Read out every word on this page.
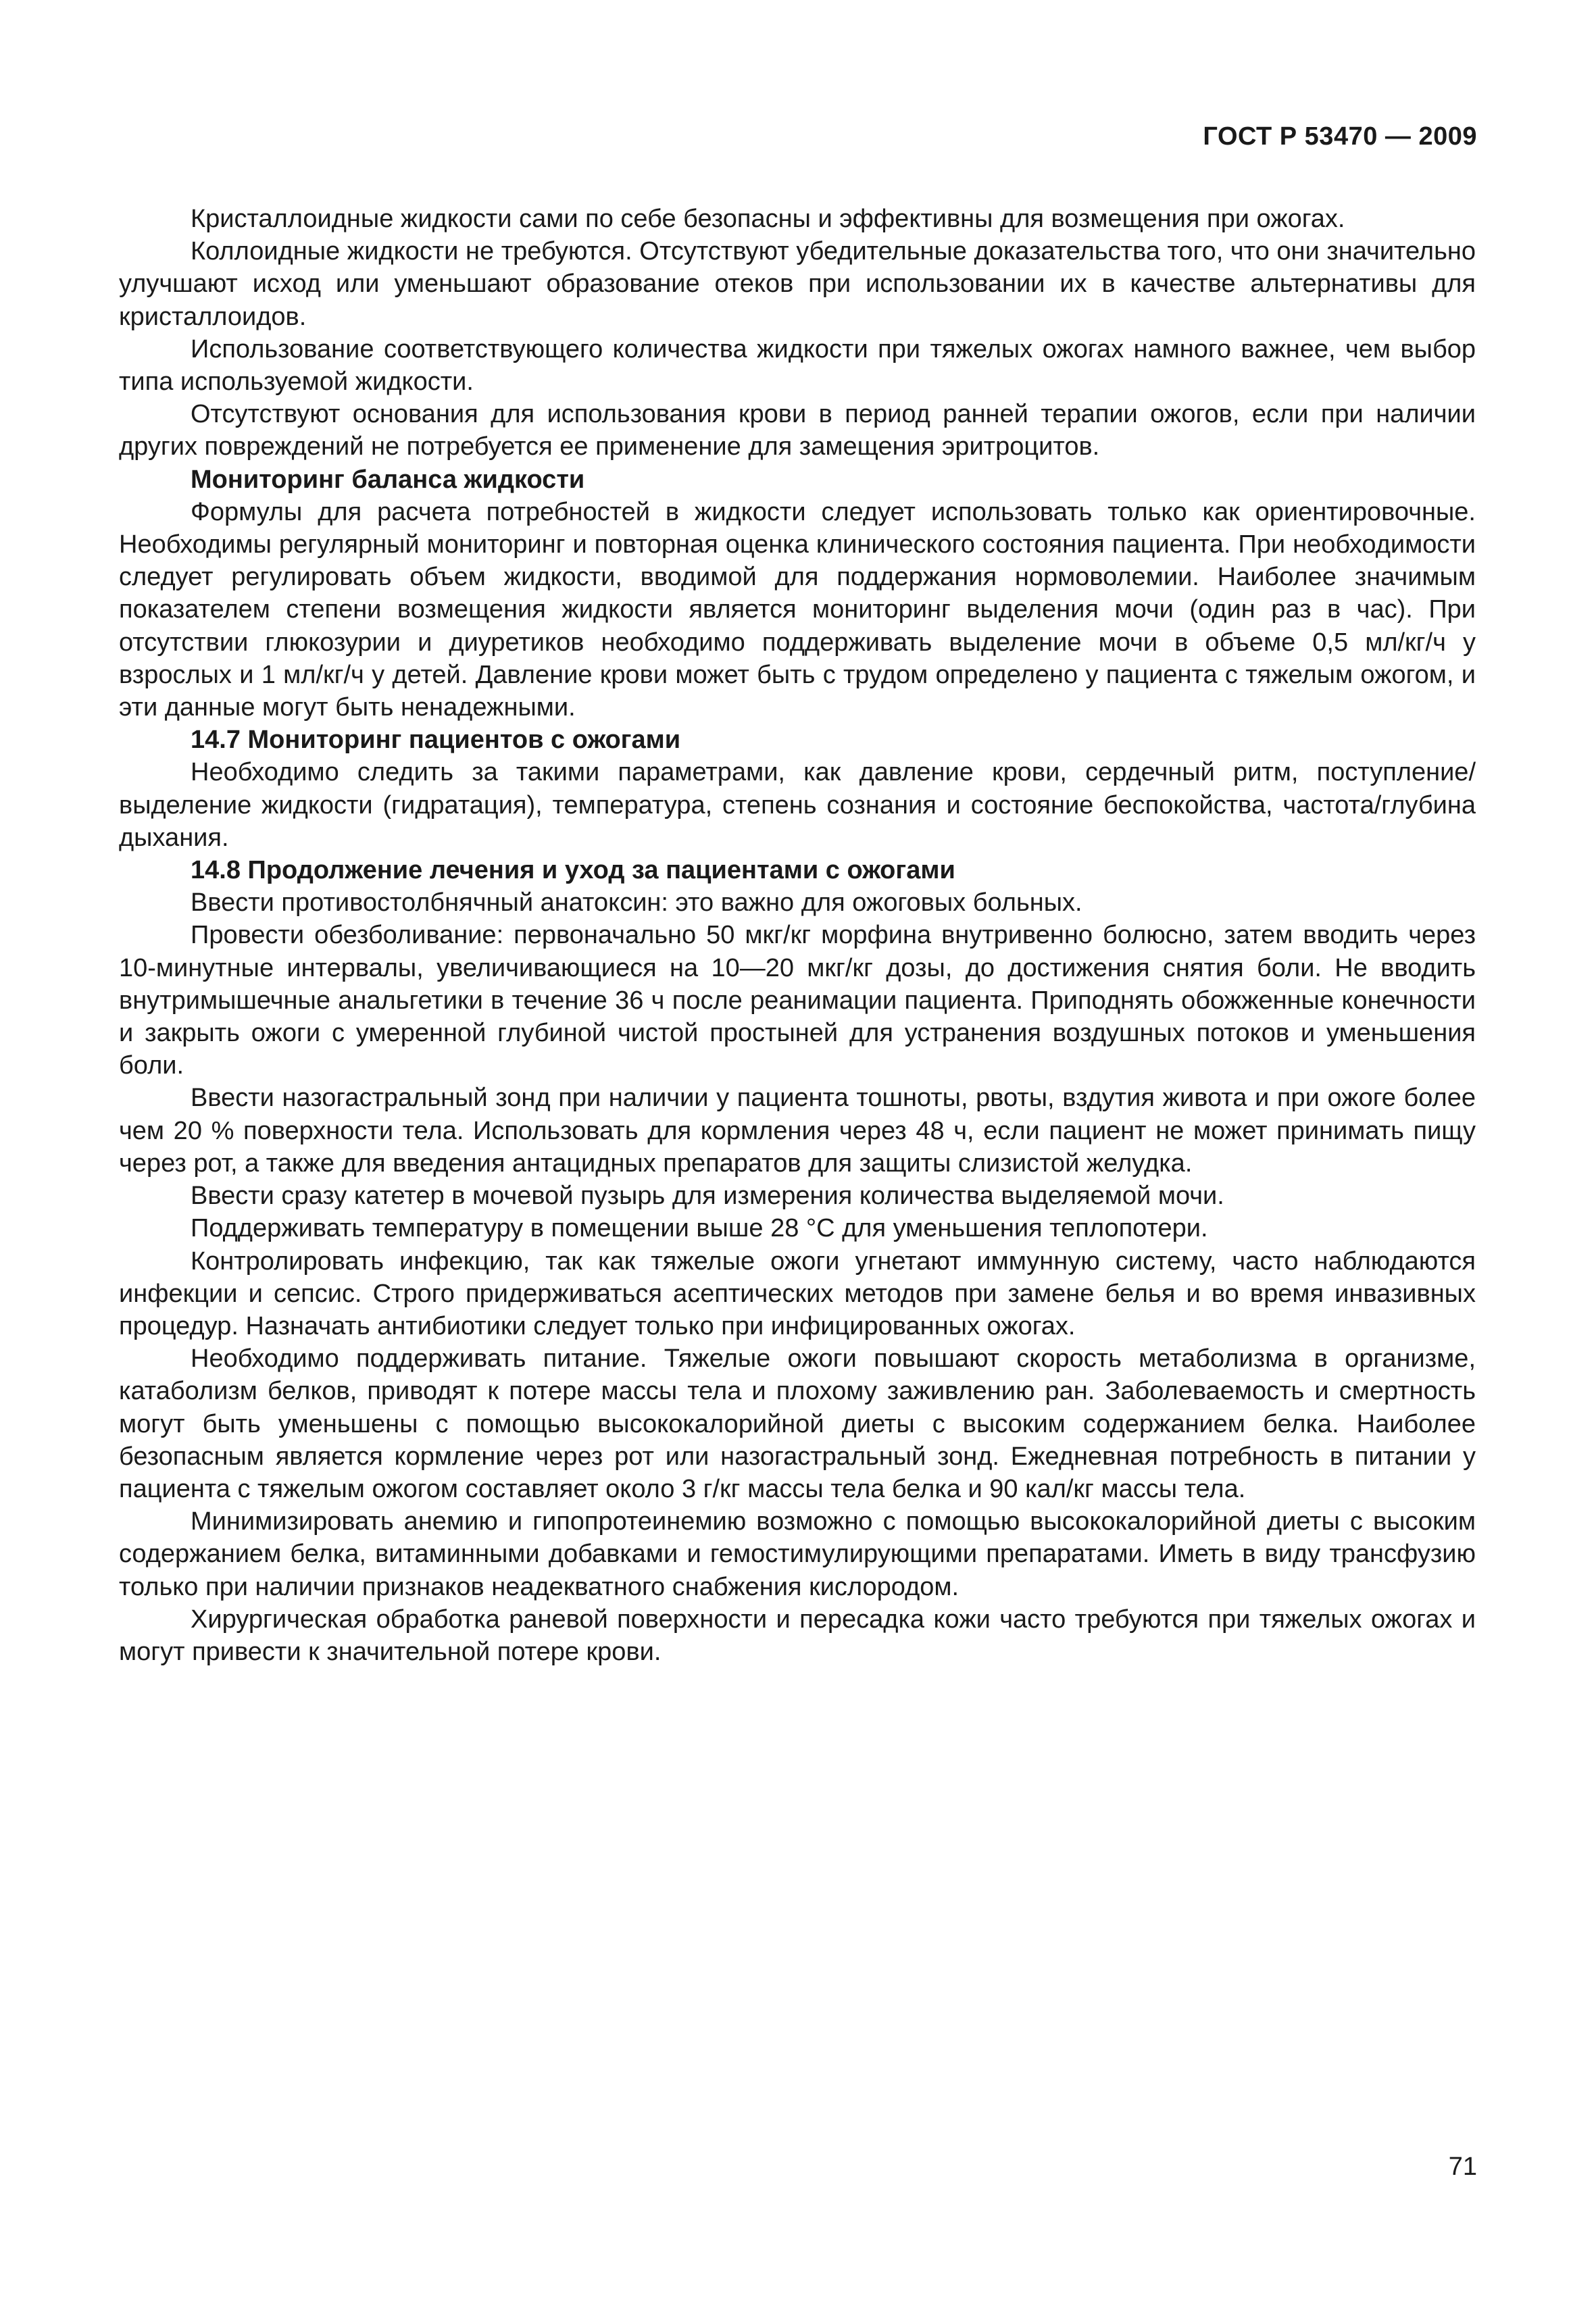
ГОСТ Р 53470 — 2009

Кристаллоидные жидкости сами по себе безопасны и эффективны для возмещения при ожогах.

Коллоидные жидкости не требуются. Отсутствуют убедительные доказательства того, что они значительно улучшают исход или уменьшают образование отеков при использовании их в качестве альтернативы для кристаллоидов.

Использование соответствующего количества жидкости при тяжелых ожогах намного важнее, чем выбор типа используемой жидкости.

Отсутствуют основания для использования крови в период ранней терапии ожогов, если при наличии других повреждений не потребуется ее применение для замещения эритроцитов.

Мониторинг баланса жидкости

Формулы для расчета потребностей в жидкости следует использовать только как ориентировочные. Необходимы регулярный мониторинг и повторная оценка клинического состояния пациента. При необходимости следует регулировать объем жидкости, вводимой для поддержания нормоволемии. Наиболее значимым показателем степени возмещения жидкости является мониторинг выделения мочи (один раз в час). При отсутствии глюкозурии и диуретиков необходимо поддерживать выделение мочи в объеме 0,5 мл/кг/ч у взрослых и 1 мл/кг/ч у детей. Давление крови может быть с трудом определено у пациента с тяжелым ожогом, и эти данные могут быть ненадежными.

14.7 Мониторинг пациентов с ожогами

Необходимо следить за такими параметрами, как давление крови, сердечный ритм, поступление/выделение жидкости (гидратация), температура, степень сознания и состояние беспокойства, частота/глубина дыхания.

14.8 Продолжение лечения и уход за пациентами с ожогами

Ввести противостолбнячный анатоксин: это важно для ожоговых больных.

Провести обезболивание: первоначально 50 мкг/кг морфина внутривенно болюсно, затем вводить через 10-минутные интервалы, увеличивающиеся на 10—20 мкг/кг дозы, до достижения снятия боли. Не вводить внутримышечные анальгетики в течение 36 ч после реанимации пациента. Приподнять обожженные конечности и закрыть ожоги с умеренной глубиной чистой простыней для устранения воздушных потоков и уменьшения боли.

Ввести назогастральный зонд при наличии у пациента тошноты, рвоты, вздутия живота и при ожоге более чем 20 % поверхности тела. Использовать для кормления через 48 ч, если пациент не может принимать пищу через рот, а также для введения антацидных препаратов для защиты слизистой желудка.

Ввести сразу катетер в мочевой пузырь для измерения количества выделяемой мочи.

Поддерживать температуру в помещении выше 28 °C для уменьшения теплопотери.

Контролировать инфекцию, так как тяжелые ожоги угнетают иммунную систему, часто наблюдаются инфекции и сепсис. Строго придерживаться асептических методов при замене белья и во время инвазивных процедур. Назначать антибиотики следует только при инфицированных ожогах.

Необходимо поддерживать питание. Тяжелые ожоги повышают скорость метаболизма в организме, катаболизм белков, приводят к потере массы тела и плохому заживлению ран. Заболеваемость и смертность могут быть уменьшены с помощью высококалорийной диеты с высоким содержанием белка. Наиболее безопасным является кормление через рот или назогастральный зонд. Ежедневная потребность в питании у пациента с тяжелым ожогом составляет около 3 г/кг массы тела белка и 90 кал/кг массы тела.

Минимизировать анемию и гипопротеинемию возможно с помощью высококалорийной диеты с высоким содержанием белка, витаминными добавками и гемостимулирующими препаратами. Иметь в виду трансфузию только при наличии признаков неадекватного снабжения кислородом.

Хирургическая обработка раневой поверхности и пересадка кожи часто требуются при тяжелых ожогах и могут привести к значительной потере крови.

71
